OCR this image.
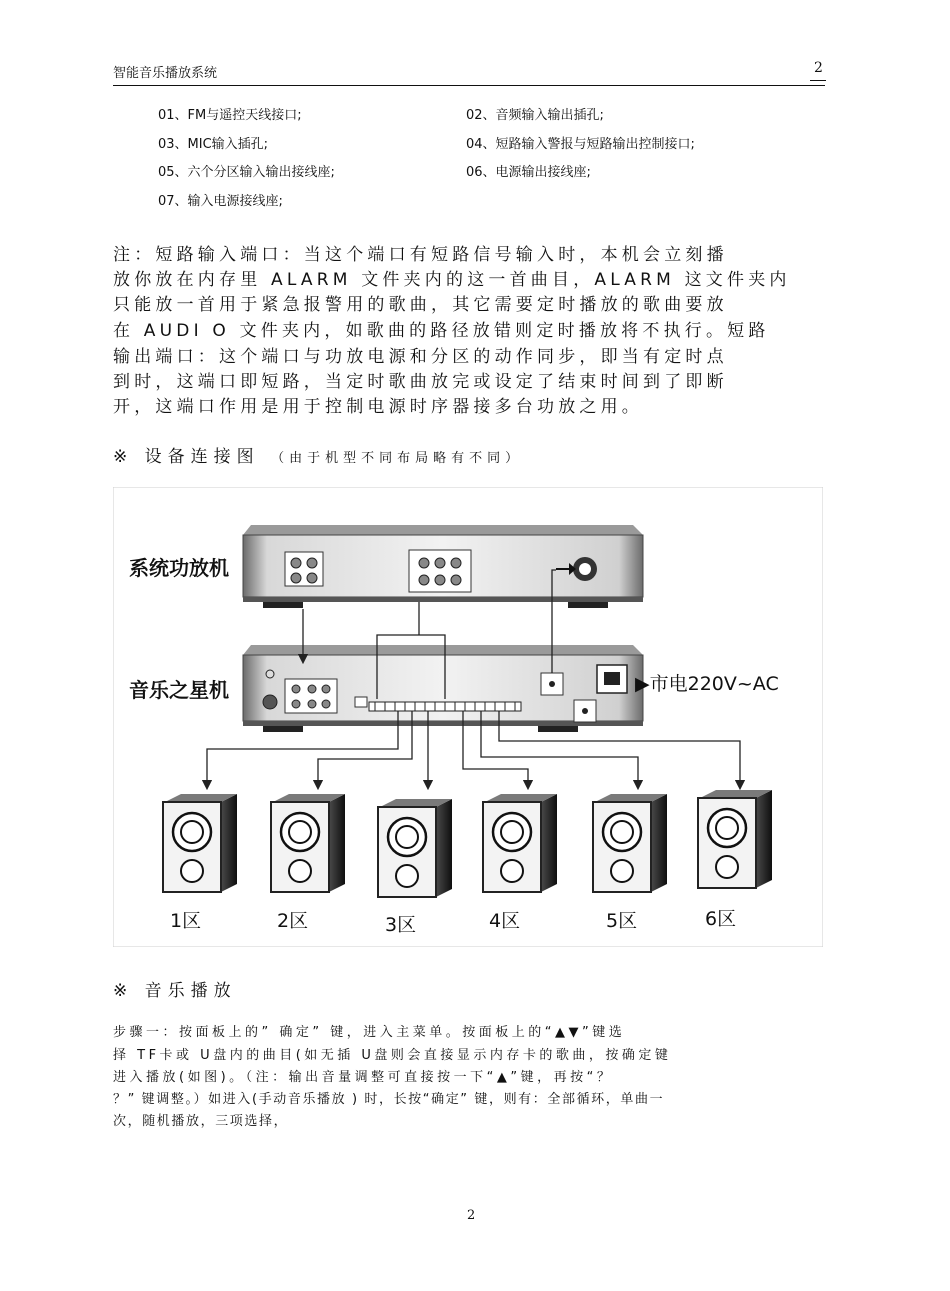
智能音乐播放系统	2
01、FM与遥控天线接口;	02、音频输入输出插孔;
03、MIC输入插孔;	04、短路输入警报与短路输出控制接口;
05、六个分区输入输出接线座;	06、电源输出接线座;
07、输入电源接线座;
注：短路输入端口：当这个端口有短路信号输入时，本机会立刻播
放你放在内存里 ALARM 文件夹内的这一首曲目，ALARM 这文件夹内
只能放一首用于紧急报警用的歌曲，其它需要定时播放的歌曲要放
在 AUDI O 文件夹内，如歌曲的路径放错则定时播放将不执行。短路
输出端口：这个端口与功放电源和分区的动作同步，即当有定时点
到时，这端口即短路，当定时歌曲放完或设定了结束时间到了即断
开，这端口作用是用于控制电源时序器接多台功放之用。
※ 设备连接图 （由于机型不同布局略有不同）
系统功放机
音乐之星机	▶市电220V~AC
1区	2区	3区	4区	5区	6区
※ 音乐播放
步骤一：按面板上的” 确定” 键，进入主菜单。按面板上的“▲▼”键选
择 TF卡或 U盘内的曲目(如无插 U盘则会直接显示内存卡的歌曲，按确定键
进入播放(如图)。（注：输出音量调整可直接按一下“▲”键，再按“？
？” 键调整。）如进入(手动音乐播放 ) 时，长按“确定” 键，则有：全部循环，单曲一
次，随机播放，三项选择，
2
